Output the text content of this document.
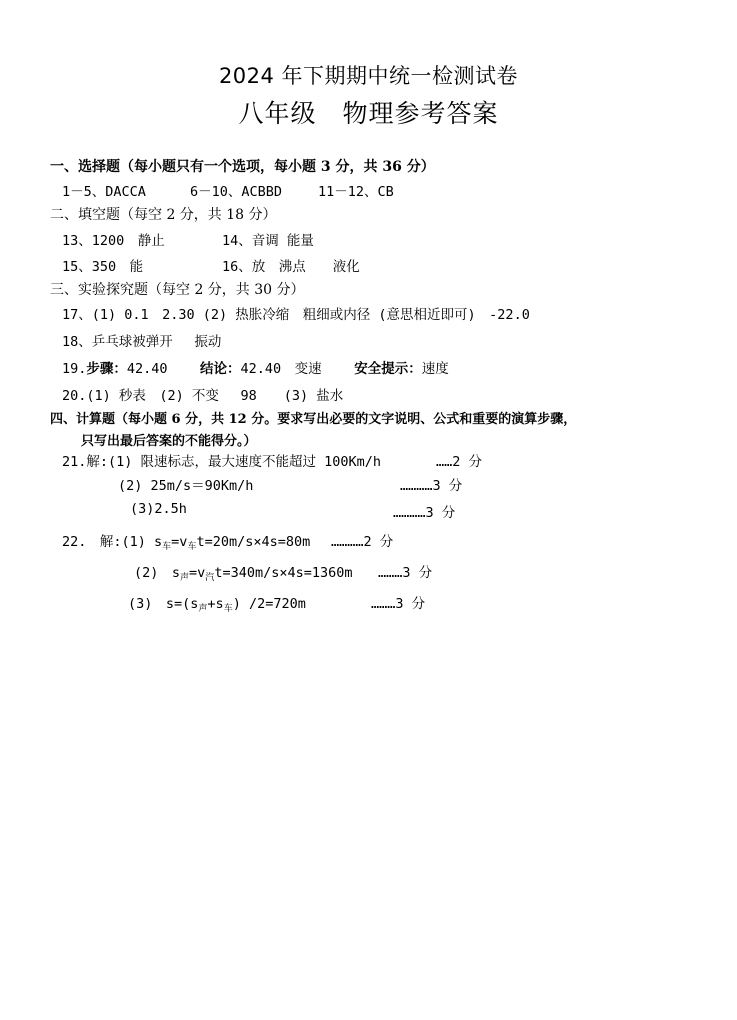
2024 年下期期中统一检测试卷
八年级　物理参考答案
一、选择题（每小题只有一个选项，每小题 3 分，共 36 分）
1－5、DACCA	6－10、ACBBD	11－12、CB
二、填空题（每空 2 分，共 18 分）
13、1200　静止	14、音调 能量
15、350　能	16、放　沸点　　液化
三、实验探究题（每空 2 分，共 30 分）
17、(1) 0.1　2.30 (2) 热胀冷缩　粗细或内径 (意思相近即可)　-22.0
18、乒乓球被弹开　 振动
19.步骤：42.40 结论：42.40　变速 安全提示：速度
20.(1) 秒表　(2) 不变　 98　　(3) 盐水
四、计算题（每小题 6 分，共 12 分。要求写出必要的文字说明、公式和重要的演算步骤，
只写出最后答案的不能得分。）
21.解:(1) 限速标志，最大速度不能超过 100Km/h	……2 分
(2) 25m/s＝90Km/h	…………3 分
(3)2.5h	…………3 分
22.　解:(1) $s_车=v_车t=20m/s\times 4s=80m$ …………2 分
(2)　$s_声=v_汽t=340m/s\times 4s=1360m$ ………3 分
(3)　$s=(s_声+s_车)$ /2=720m	………3 分
